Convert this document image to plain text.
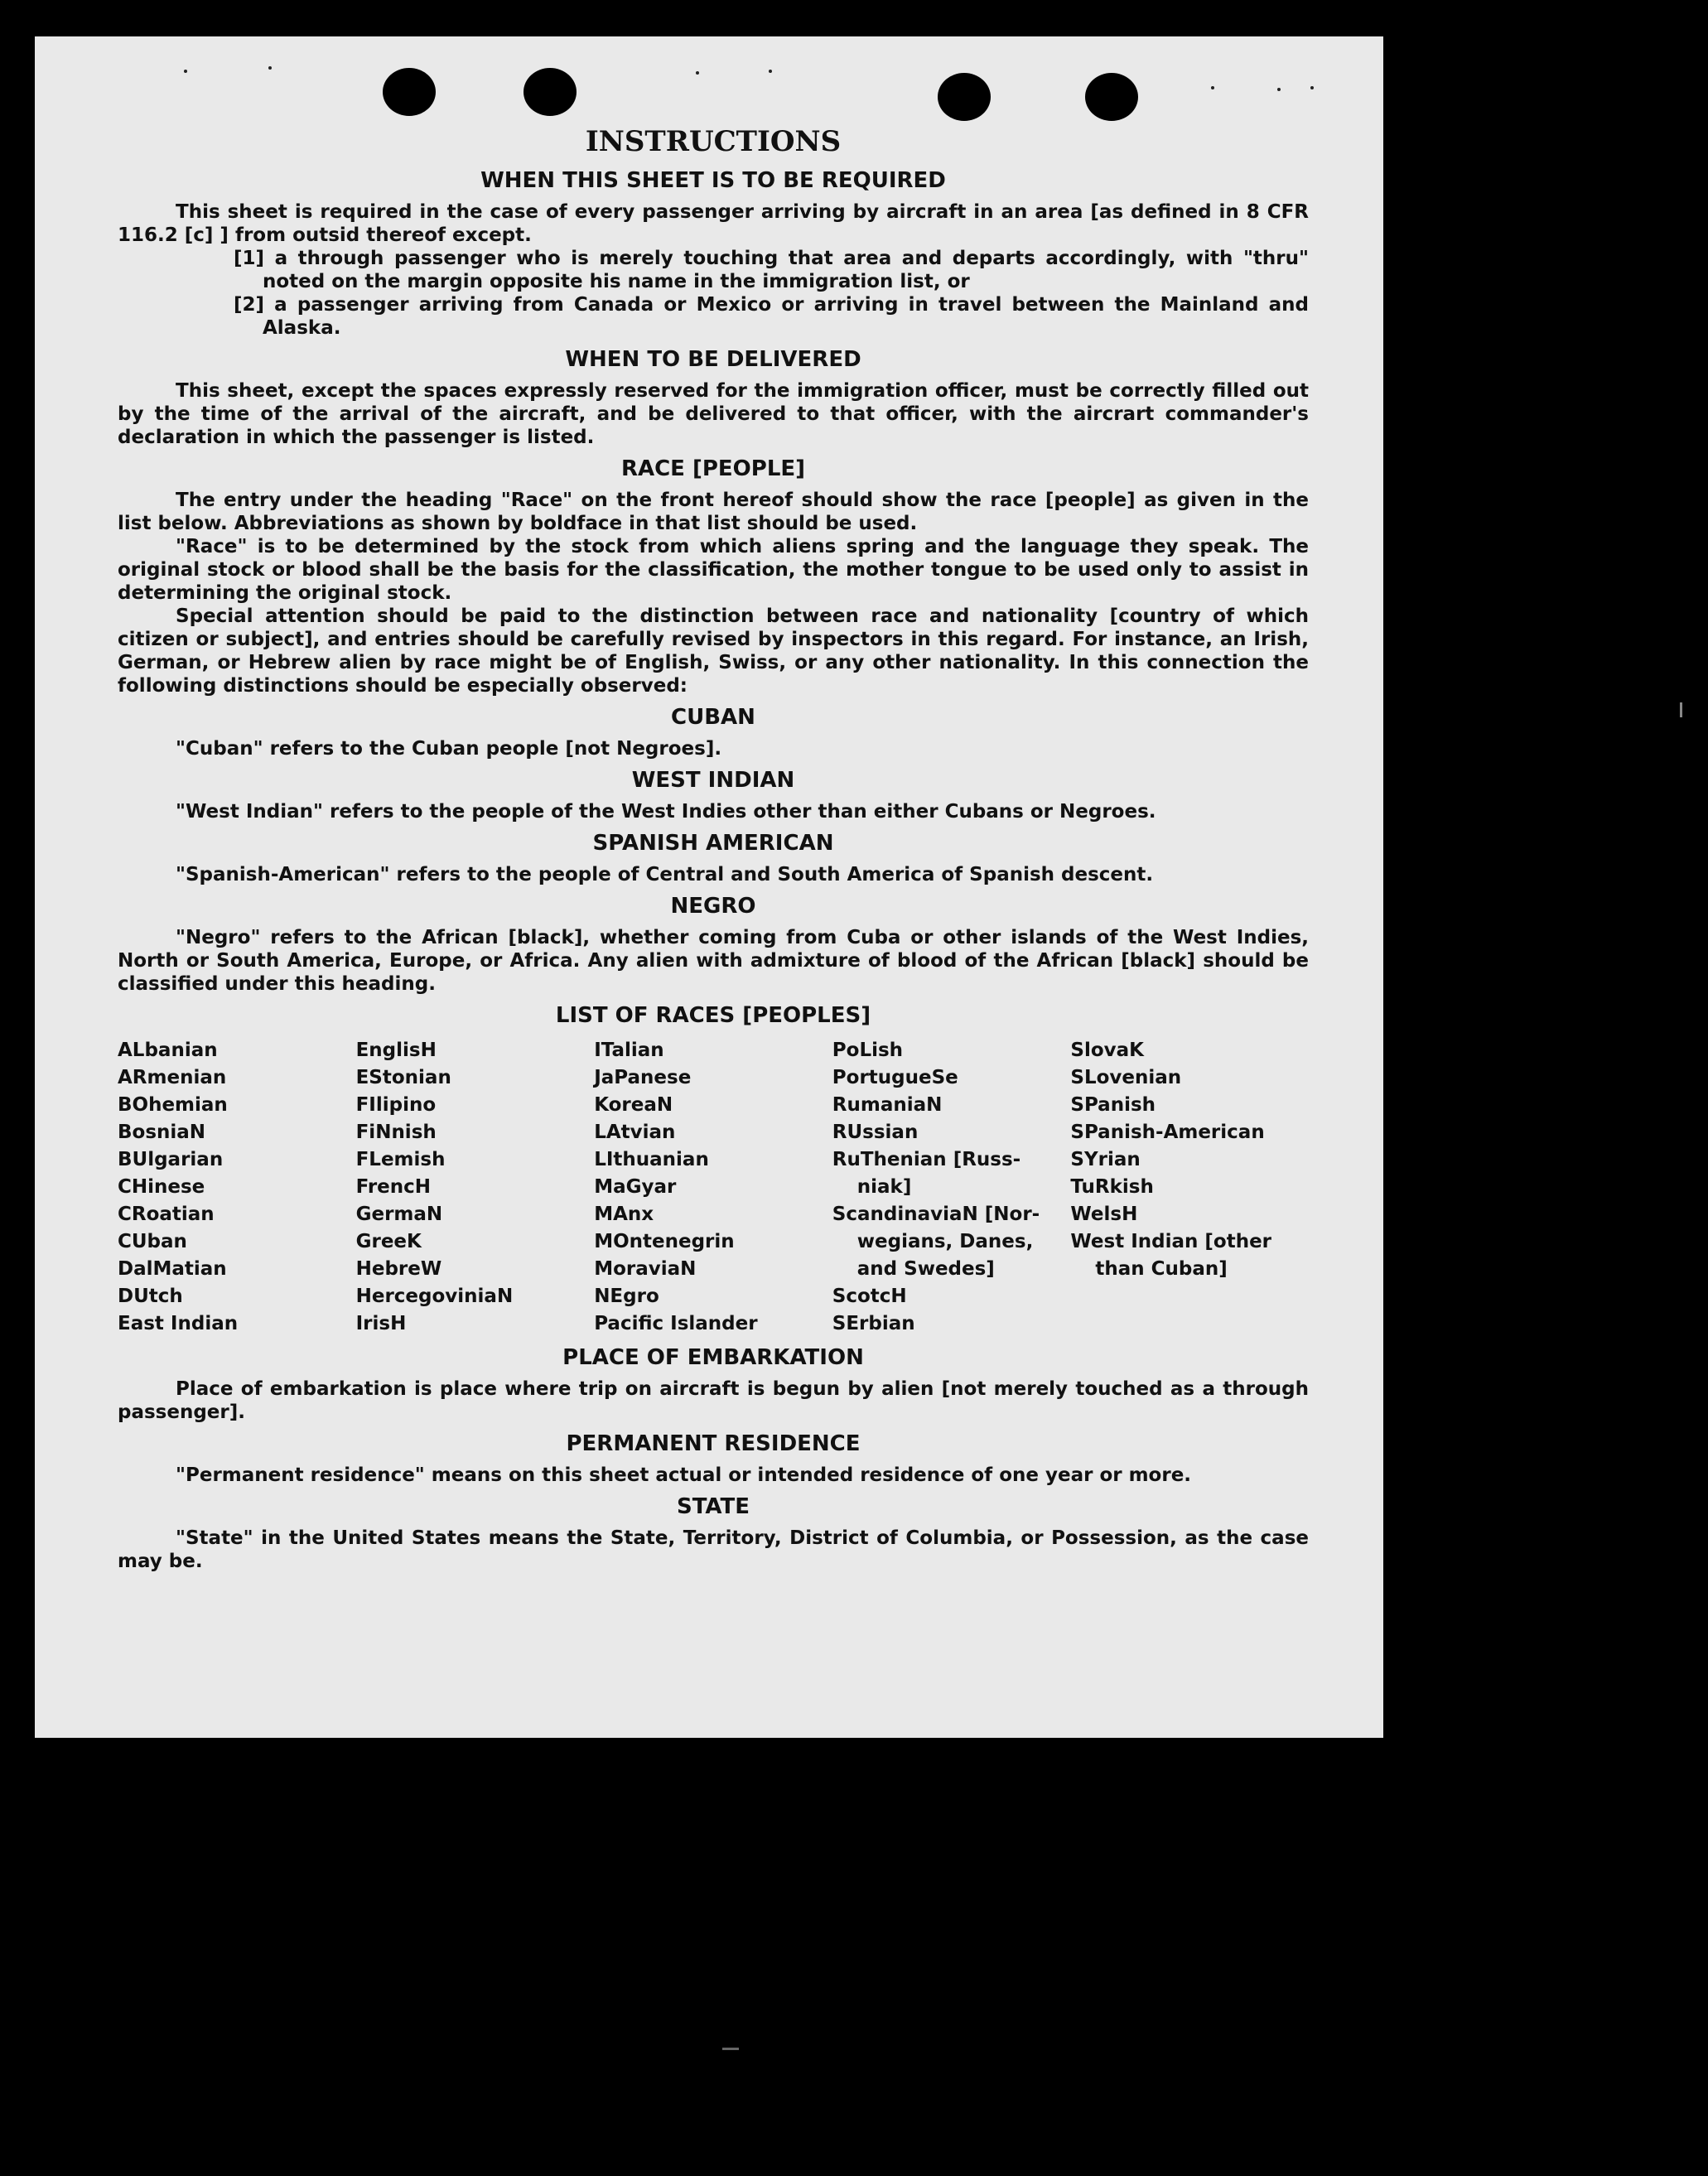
INSTRUCTIONS
WHEN THIS SHEET IS TO BE REQUIRED

This sheet is required in the case of every passenger arriving by aircraft in an area [as defined in 8 CFR 116.2 [c] ] from outsid thereof except.

[1] a through passenger who is merely touching that area and departs accordingly, with "thru" noted on the margin opposite his name in the immigration list, or

[2] a passenger arriving from Canada or Mexico or arriving in travel between the Mainland and Alaska.

WHEN TO BE DELIVERED

This sheet, except the spaces expressly reserved for the immigration officer, must be correctly filled out by the time of the arrival of the aircraft, and be delivered to that officer, with the aircrart commander's declaration in which the passenger is listed.

RACE [PEOPLE]

The entry under the heading "Race" on the front hereof should show the race [people] as given in the list below. Abbreviations as shown by boldface in that list should be used.

"Race" is to be determined by the stock from which aliens spring and the language they speak. The original stock or blood shall be the basis for the classification, the mother tongue to be used only to assist in determining the original stock.

Special attention should be paid to the distinction between race and nationality [country of which citizen or subject], and entries should be carefully revised by inspectors in this regard. For instance, an Irish, German, or Hebrew alien by race might be of English, Swiss, or any other nationality. In this connection the following distinctions should be especially observed:

CUBAN

"Cuban" refers to the Cuban people [not Negroes].

WEST INDIAN

"West Indian" refers to the people of the West Indies other than either Cubans or Negroes.

SPANISH AMERICAN

"Spanish-American" refers to the people of Central and South America of Spanish descent.

NEGRO

"Negro" refers to the African [black], whether coming from Cuba or other islands of the West Indies, North or South America, Europe, or Africa. Any alien with admixture of blood of the African [black] should be classified under this heading.

LIST OF RACES [PEOPLES]
ALbanian
ARmenian
BOhemian
BosniaN
BUlgarian
CHinese
CRoatian
CUban
DalMatian
DUtch
East Indian
EnglisH
EStonian
FIlipino
FiNnish
FLemish
FrencH
GermaN
GreeK
HebreW
HercegoviniaN
IrisH
ITalian
JaPanese
KoreaN
LAtvian
LIthuanian
MaGyar
MAnx
MOntenegrin
MoraviaN
NEgro
Pacific Islander
PoLish
PortugueSe
RumaniaN
RUssian
RuThenian [Russ-
niak]
ScandinaviaN [Nor-
wegians, Danes,
and Swedes]
ScotcH
SErbian
SlovaK
SLovenian
SPanish
SPanish-American
SYrian
TuRkish
WelsH
West Indian [other
than Cuban]
PLACE OF EMBARKATION

Place of embarkation is place where trip on aircraft is begun by alien [not merely touched as a through passenger].

PERMANENT RESIDENCE

"Permanent residence" means on this sheet actual or intended residence of one year or more.

STATE

"State" in the United States means the State, Territory, District of Columbia, or Possession, as the case may be.
